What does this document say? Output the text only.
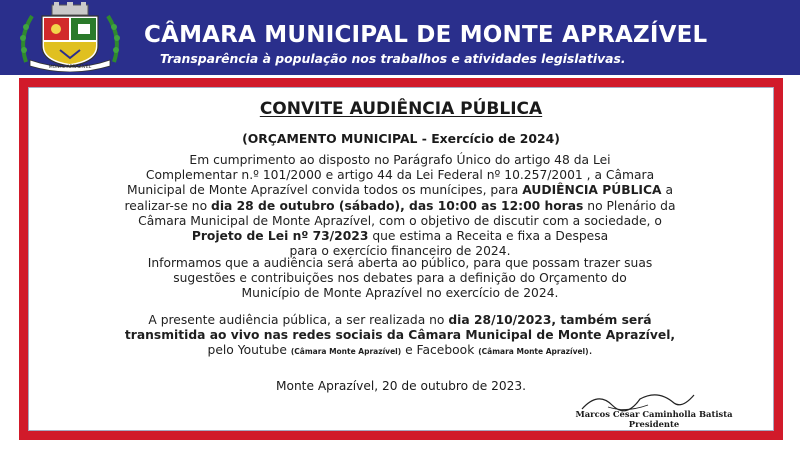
MONTE APRAZÍVEL
CÂMARA MUNICIPAL DE MONTE APRAZÍVEL
Transparência à população nos trabalhos e atividades legislativas.
CONVITE AUDIÊNCIA PÚBLICA
(ORÇAMENTO MUNICIPAL - Exercício de 2024)
Em cumprimento ao disposto no Parágrafo Único do artigo 48 da Lei
Complementar n.º 101/2000 e artigo 44 da Lei Federal nº 10.257/2001 , a Câmara
Municipal de Monte Aprazível convida todos os munícipes, para AUDIÊNCIA PÚBLICA a
realizar-se no dia 28 de outubro (sábado), das 10:00 as 12:00 horas no Plenário da
Câmara Municipal de Monte Aprazível, com o objetivo de discutir com a sociedade, o
Projeto de Lei nº 73/2023 que estima a Receita e fixa a Despesa
para o exercício financeiro de 2024.
Informamos que a audiência será aberta ao público, para que possam trazer suas
sugestões e contribuições nos debates para a definição do Orçamento do
Município de Monte Aprazível no exercício de 2024.
A presente audiência pública, a ser realizada no dia 28/10/2023, também será
transmitida ao vivo nas redes sociais da Câmara Municipal de Monte Aprazível,
pelo Youtube (Câmara Monte Aprazível) e Facebook (Câmara Monte Aprazível).
Monte Aprazível, 20 de outubro de 2023.
Marcos César Caminholla Batista
Presidente
